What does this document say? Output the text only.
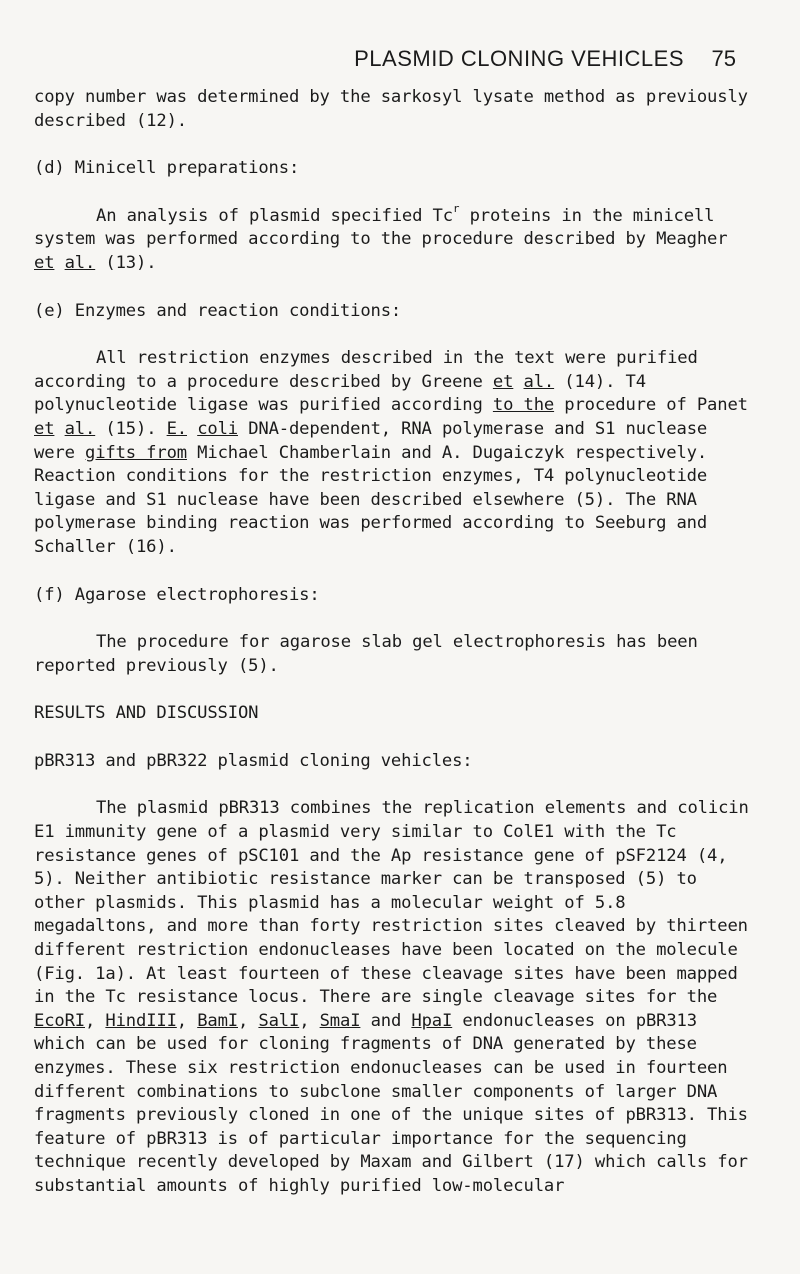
PLASMID CLONING VEHICLES 75

copy number was determined by the sarkosyl lysate method as previously described (12).

(d) Minicell preparations:

An analysis of plasmid specified Tc$^r$ proteins in the minicell system was performed according to the procedure described by Meagher et al. (13).

(e) Enzymes and reaction conditions:

All restriction enzymes described in the text were purified according to a procedure described by Greene et al. (14). T4 polynucleotide ligase was purified according to the procedure of Panet et al. (15). E. coli DNA-dependent, RNA polymerase and S1 nuclease were gifts from Michael Chamberlain and A. Dugaiczyk respectively. Reaction conditions for the restriction enzymes, T4 polynucleotide ligase and S1 nuclease have been described elsewhere (5). The RNA polymerase binding reaction was performed according to Seeburg and Schaller (16).

(f) Agarose electrophoresis:

The procedure for agarose slab gel electrophoresis has been reported previously (5).

RESULTS AND DISCUSSION

pBR313 and pBR322 plasmid cloning vehicles:

The plasmid pBR313 combines the replication elements and colicin E1 immunity gene of a plasmid very similar to ColE1 with the Tc resistance genes of pSC101 and the Ap resistance gene of pSF2124 (4, 5). Neither antibiotic resistance marker can be transposed (5) to other plasmids. This plasmid has a molecular weight of 5.8 megadaltons, and more than forty restriction sites cleaved by thirteen different restriction endonucleases have been located on the molecule (Fig. 1a). At least fourteen of these cleavage sites have been mapped in the Tc resistance locus. There are single cleavage sites for the EcoRI, HindIII, BamI, SalI, SmaI and HpaI endonucleases on pBR313 which can be used for cloning fragments of DNA generated by these enzymes. These six restriction endonucleases can be used in fourteen different combinations to subclone smaller components of larger DNA fragments previously cloned in one of the unique sites of pBR313. This feature of pBR313 is of particular importance for the sequencing technique recently developed by Maxam and Gilbert (17) which calls for substantial amounts of highly purified low-molecular
